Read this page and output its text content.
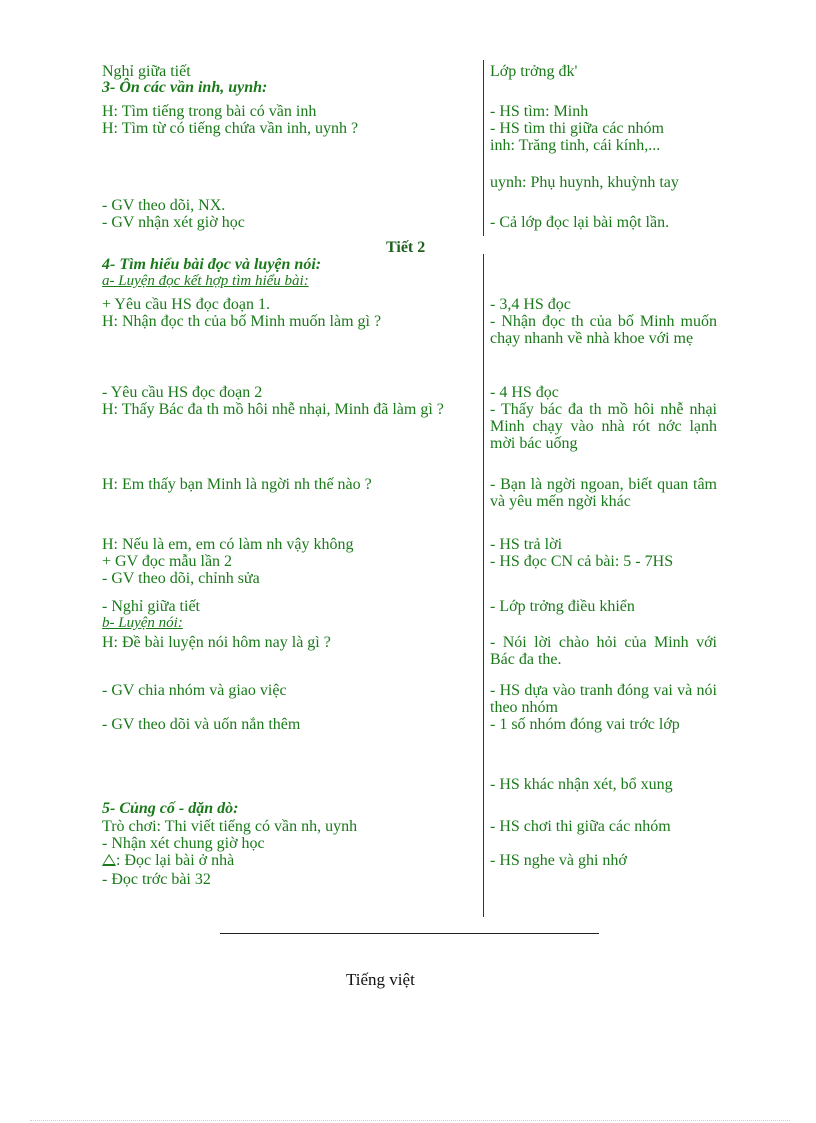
Nghỉ giữa tiết
3- Ôn các vần inh, uynh:
H: Tìm tiếng trong bài có vần inh
H: Tìm từ có tiếng chứa vần inh, uynh ?
- GV theo dõi, NX.
- GV nhận xét giờ học
Lớp trởng đk'
- HS tìm: Minh
- HS tìm thi giữa các nhóm
inh: Trăng tinh, cái kính,...
uynh: Phụ huynh, khuỳnh tay
- Cả lớp đọc lại bài một lần.
Tiết 2
4- Tìm hiểu bài đọc và luyện nói:
a- Luyện đọc kết hợp tìm hiểu bài:
+ Yêu cầu HS đọc đoạn 1.
H: Nhận đọc th của bố Minh muốn làm gì ?
- Yêu cầu HS đọc đoạn 2
H: Thấy Bác đa th mồ hôi nhễ nhại, Minh đã làm gì ?
H: Em thấy bạn Minh là ngời nh thế nào ?
H: Nếu là em, em có làm nh vậy không
+ GV đọc mẫu lần 2
- GV theo dõi, chỉnh sửa
- Nghỉ giữa tiết
b- Luyện nói:
H: Đề bài luyện nói hôm nay là gì ?
- GV chia nhóm và giao việc
- GV theo dõi và uốn nắn thêm
- 3,4 HS đọc
- Nhận đọc th của bố Minh muốn chạy nhanh về nhà khoe với mẹ
- 4 HS đọc
- Thấy bác đa th mồ hôi nhễ nhại Minh chạy vào nhà rót nớc lạnh mời bác uống
- Bạn là ngời ngoan, biết quan tâm và yêu mến ngời khác
- HS trả lời
- HS đọc CN cả bài: 5 - 7HS
- Lớp trởng điều khiển
- Nói lời chào hỏi của Minh với Bác đa the.
- HS dựa vào tranh đóng vai và nói theo nhóm
- 1 số nhóm đóng vai trớc lớp
- HS khác nhận xét, bổ xung
5- Củng cố - dặn dò:
Trò chơi: Thi viết tiếng có vần nh, uynh
- Nhận xét chung giờ học
: Đọc lại bài ở nhà
- Đọc trớc bài 32
- HS chơi thi giữa các nhóm
- HS nghe và ghi nhớ
Tiếng việt
